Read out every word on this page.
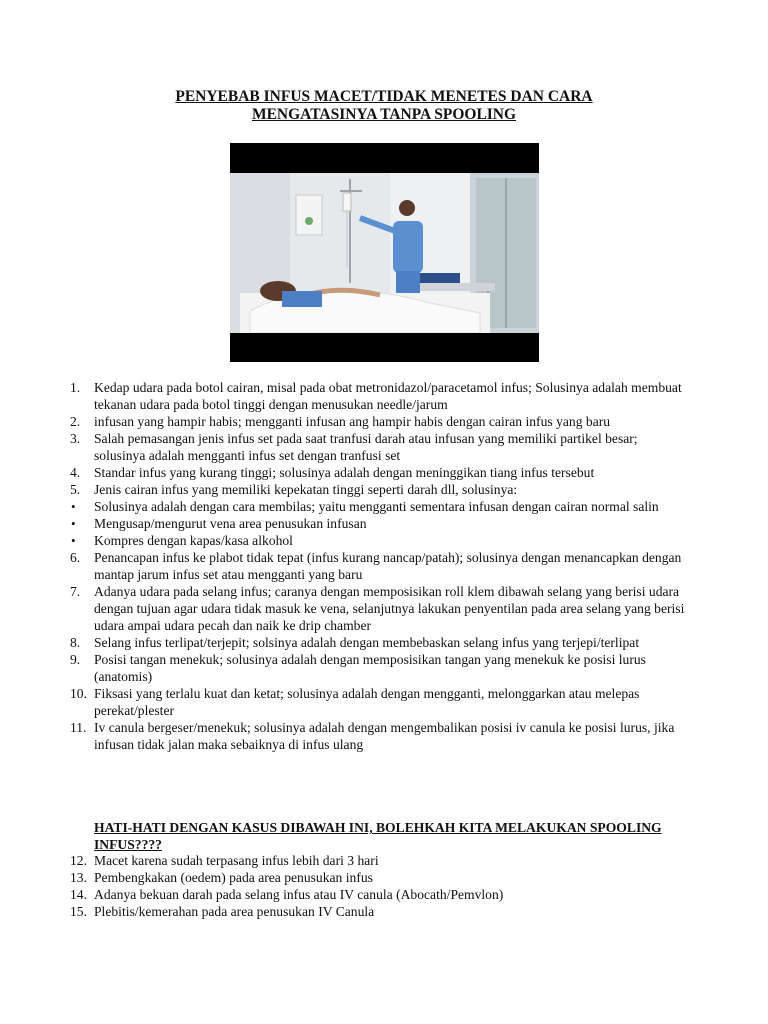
PENYEBAB INFUS MACET/TIDAK MENETES DAN CARA
MENGATASINYA TANPA SPOOLING
1. Kedap udara pada botol cairan, misal pada obat metronidazol/paracetamol infus; Solusinya adalah membuat tekanan udara pada botol tinggi dengan menusukan needle/jarum
2. infusan yang hampir habis; mengganti infusan ang hampir habis dengan cairan infus yang baru
3. Salah pemasangan jenis infus set pada saat tranfusi darah atau infusan yang memiliki partikel besar; solusinya adalah mengganti infus set dengan tranfusi set
4. Standar infus yang kurang tinggi; solusinya adalah dengan meninggikan tiang infus tersebut
5. Jenis cairan infus yang memiliki kepekatan tinggi seperti darah dll, solusinya:
• Solusinya adalah dengan cara membilas; yaitu mengganti sementara infusan dengan cairan normal salin
• Mengusap/mengurut vena area penusukan infusan
• Kompres dengan kapas/kasa alkohol
6. Penancapan infus ke plabot tidak tepat (infus kurang nancap/patah); solusinya dengan menancapkan dengan mantap jarum infus set atau mengganti yang baru
7. Adanya udara pada selang infus; caranya dengan memposisikan roll klem dibawah selang yang berisi udara dengan tujuan agar udara tidak masuk ke vena, selanjutnya lakukan penyentilan pada area selang yang berisi udara ampai udara pecah dan naik ke drip chamber
8. Selang infus terlipat/terjepit; solsinya adalah dengan membebaskan selang infus yang terjepi/terlipat
9. Posisi tangan menekuk; solusinya adalah dengan memposisikan tangan yang menekuk ke posisi lurus (anatomis)
10. Fiksasi yang terlalu kuat dan ketat; solusinya adalah dengan mengganti, melonggarkan atau melepas perekat/plester
11. Iv canula bergeser/menekuk; solusinya adalah dengan mengembalikan posisi iv canula ke posisi lurus, jika infusan tidak jalan maka sebaiknya di infus ulang
HATI-HATI DENGAN KASUS DIBAWAH INI, BOLEHKAH KITA MELAKUKAN SPOOLING INFUS????
12. Macet karena sudah terpasang infus lebih dari 3 hari
13. Pembengkakan (oedem) pada area penusukan infus
14. Adanya bekuan darah pada selang infus atau IV canula (Abocath/Pemvlon)
15. Plebitis/kemerahan pada area penusukan IV Canula
